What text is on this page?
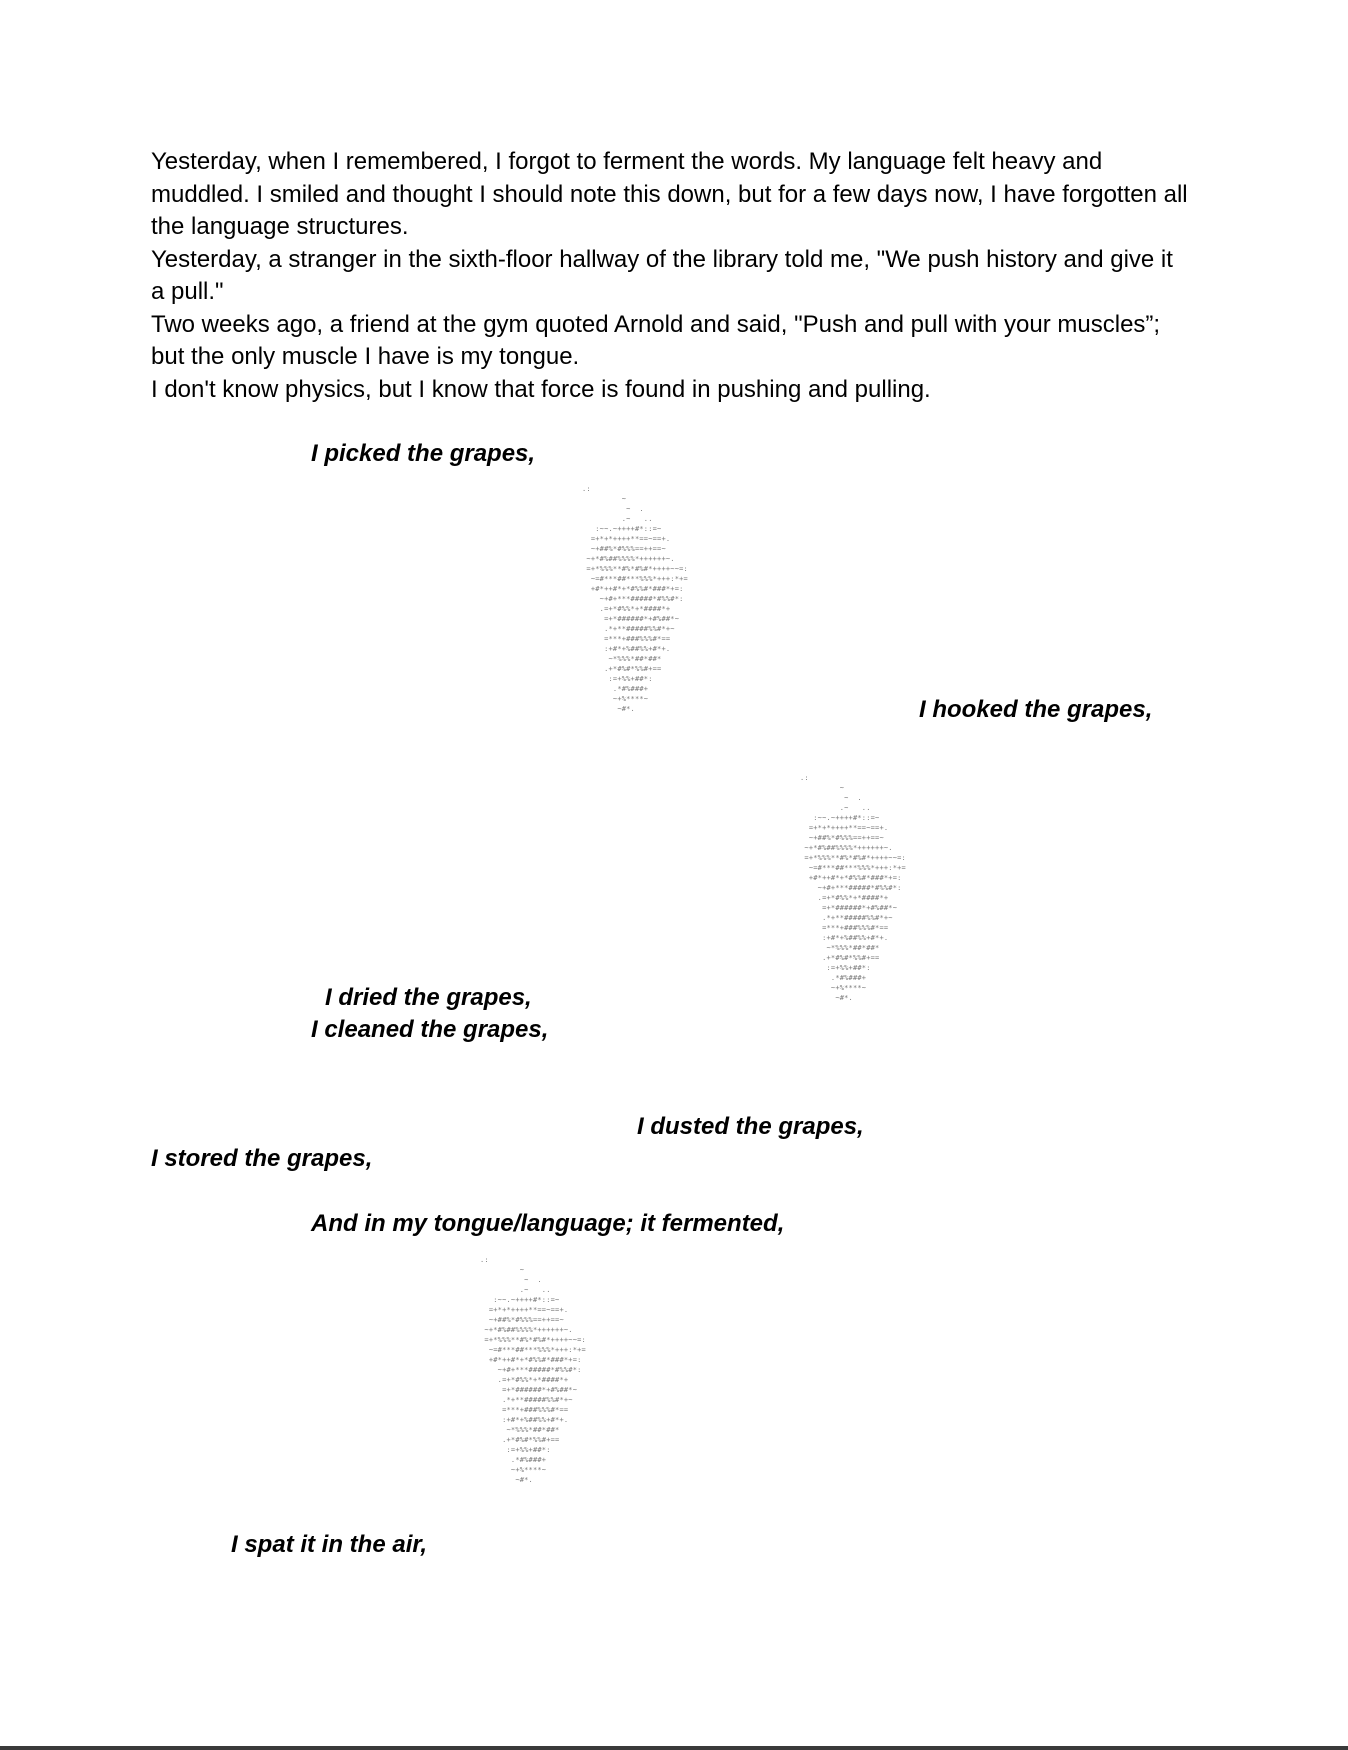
Yesterday, when I remembered, I forgot to ferment the words. My language felt heavy and muddled. I smiled and thought I should note this down, but for a few days now, I have forgotten all the language structures.

Yesterday, a stranger in the sixth-floor hallway of the library told me, "We push history and give it a pull."

Two weeks ago, a friend at the gym quoted Arnold and said, "Push and pull with your muscles”; but the only muscle I have is my tongue.

I don't know physics, but I know that force is found in pushing and pulling.

I picked the grapes,
.:
~
~  .
.~   ..
:~~.~++++#*::=~
=+*+*++++**==~==+.
~+##%*#%%%==++==~
~+*#%##%%%%*++++++~.
=+*%%%**#%*#%#*++++~~=:
~=#***##***%%%*+++:*+=
+#*++#*+*#%%#*###*+=:
~+#+***#####*#%%#*:
.=+*#%%*+*####*+
=+*######*+#%##*~
.*+**#####%%#*+~
=***+###%%%#*==
:+#*+%##%%+#*+.
~*%%%*##*##*
.+*#%#*%%#+==
:=+%%+##*:
.*#%###+
~+%****~
~#*.	I hooked the grapes,
.:
~
~  .
.~   ..
:~~.~++++#*::=~
=+*+*++++**==~==+.
~+##%*#%%%==++==~
~+*#%##%%%%*++++++~.
=+*%%%**#%*#%#*++++~~=:
~=#***##***%%%*+++:*+=
+#*++#*+*#%%#*###*+=:
~+#+***#####*#%%#*:
.=+*#%%*+*####*+
=+*######*+#%##*~
.*+**#####%%#*+~
=***+###%%%#*==
:+#*+%##%%+#*+.
~*%%%*##*##*
.+*#%#*%%#+==
:=+%%+##*:
.*#%###+
~+%****~
~#*.
I dried the grapes,
I cleaned the grapes,
I dusted the grapes,
I stored the grapes,
And in my tongue/language; it fermented,
.:
~
~  .
.~   ..
:~~.~++++#*::=~
=+*+*++++**==~==+.
~+##%*#%%%==++==~
~+*#%##%%%%*++++++~.
=+*%%%**#%*#%#*++++~~=:
~=#***##***%%%*+++:*+=
+#*++#*+*#%%#*###*+=:
~+#+***#####*#%%#*:
.=+*#%%*+*####*+
=+*######*+#%##*~
.*+**#####%%#*+~
=***+###%%%#*==
:+#*+%##%%+#*+.
~*%%%*##*##*
.+*#%#*%%#+==
:=+%%+##*:
.*#%###+
~+%****~
~#*.
I spat it in the air,
